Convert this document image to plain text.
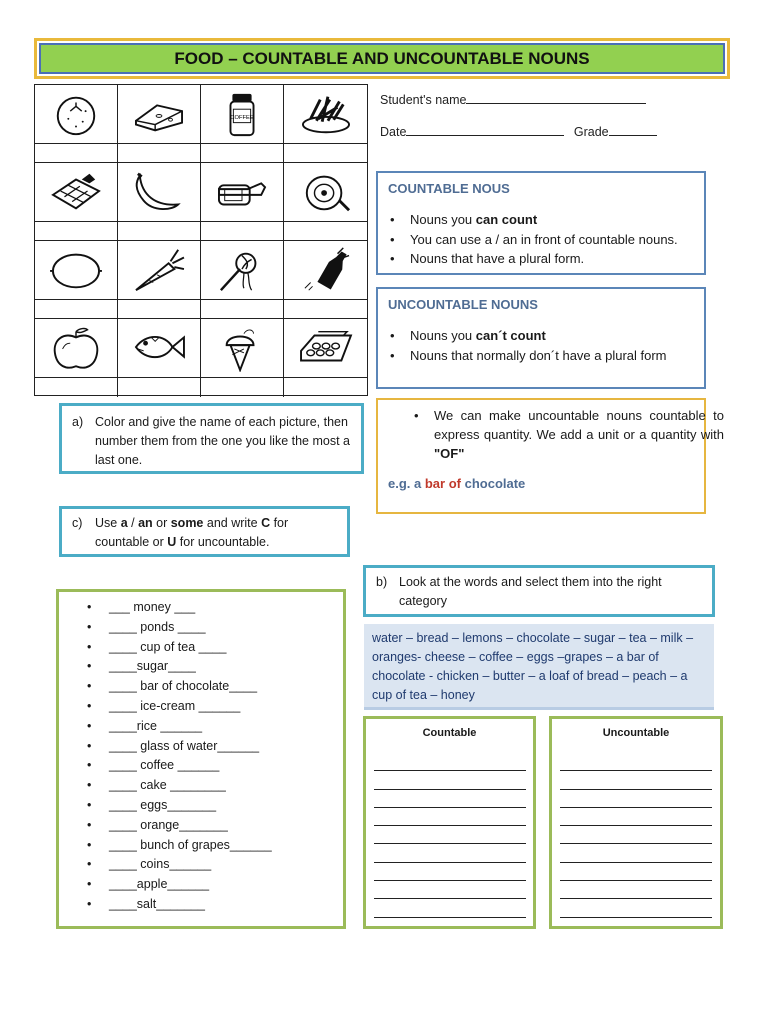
FOOD – COUNTABLE AND UNCOUNTABLE NOUNS
COFFEE
Student's name
Date	Grade
COUNTABLE NOUS
• Nouns you can count
• You can use a / an in front of countable nouns.
• Nouns that have a plural form.
UNCOUNTABLE NOUNS
• Nouns you can´t count
• Nouns that normally don´t have a plural form
• We can make uncountable nouns countable to express quantity. We add a unit or a quantity with "OF"
e.g. a bar of chocolate
a) Color and give the name of each picture, then number them from the one you like the most a last one.
c) Use a / an or some and write C for countable or U for uncountable.
b) Look at the words and select them into the right category
• ___ money ___
• ____ ponds ____
• ____ cup of tea ____
• ____sugar____
• ____ bar of chocolate____
• ____ ice-cream ______
• ____rice ______
• ____ glass of water______
• ____ coffee ______
• ____ cake ________
• ____ eggs_______
• ____ orange_______
• ____ bunch of grapes______
• ____ coins______
• ____apple______
• ____salt_______
water – bread – lemons – chocolate – sugar – tea – milk – oranges- cheese – coffee – eggs –grapes – a bar of chocolate - chicken – butter – a loaf of bread – peach – a cup of tea – honey
Countable	Uncountable
